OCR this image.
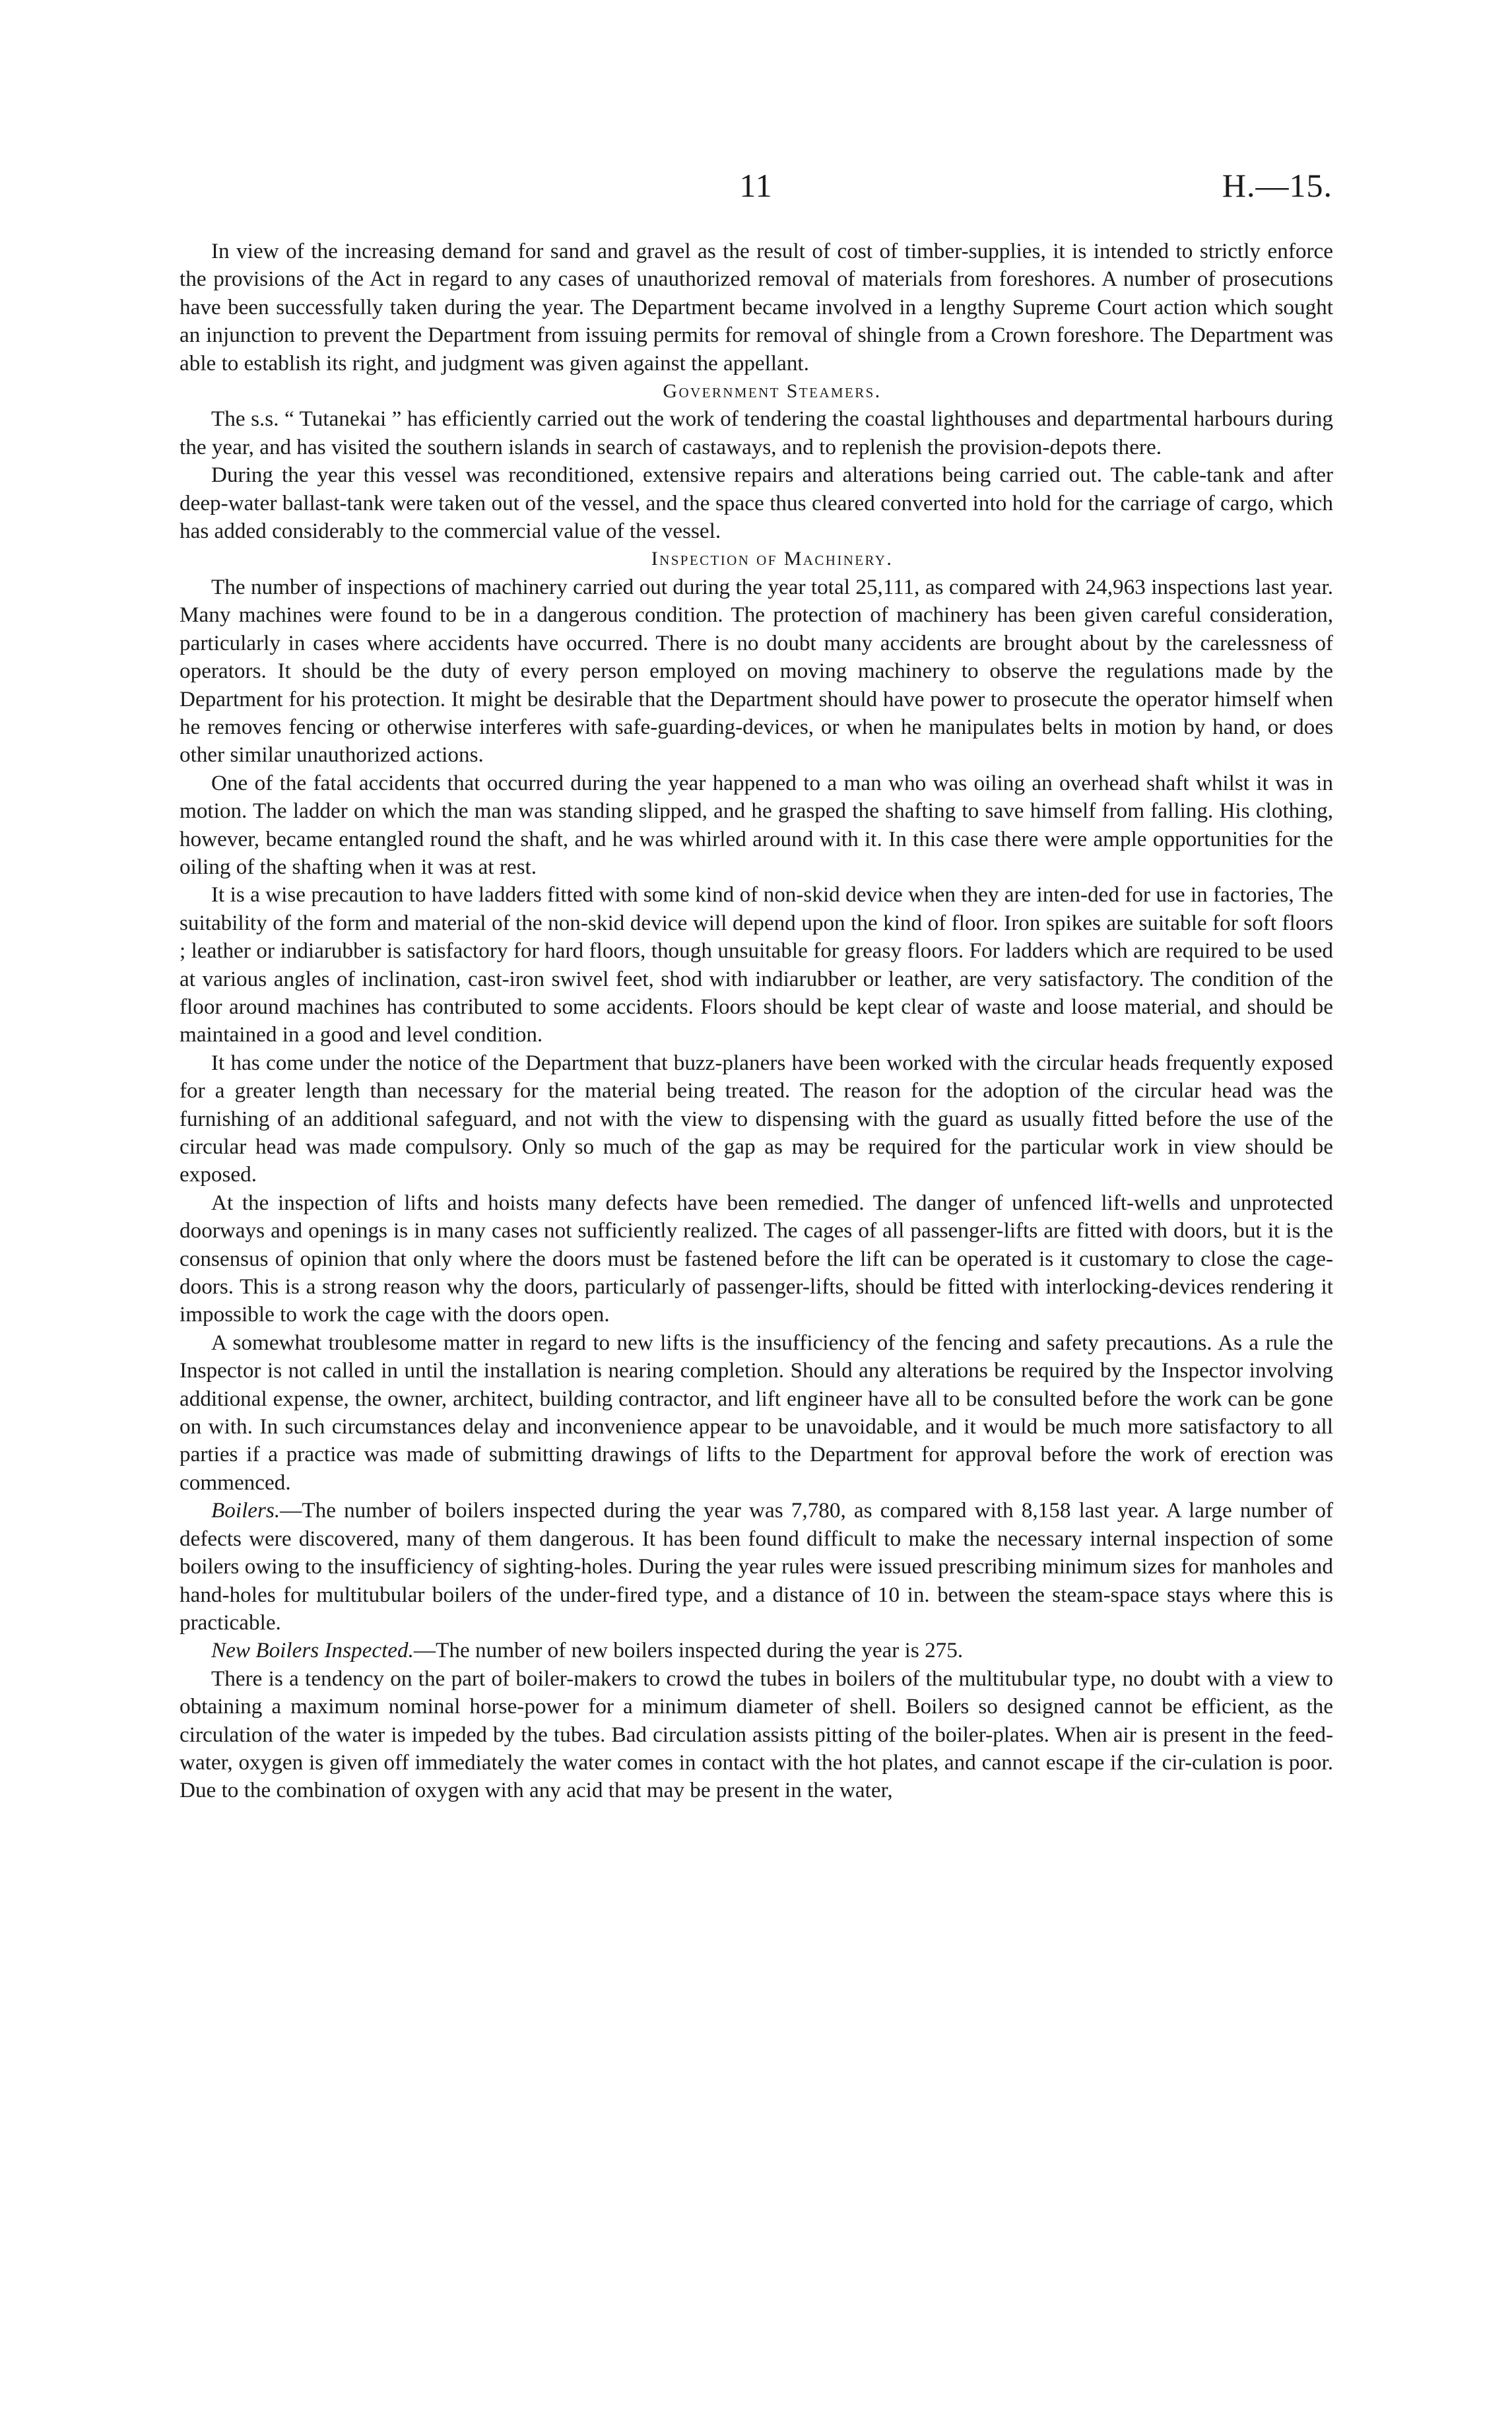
11	H.—15.

In view of the increasing demand for sand and gravel as the result of cost of timber-supplies, it is intended to strictly enforce the provisions of the Act in regard to any cases of unauthorized removal of materials from foreshores. A number of prosecutions have been successfully taken during the year. The Department became involved in a lengthy Supreme Court action which sought an injunction to prevent the Department from issuing permits for removal of shingle from a Crown foreshore. The Department was able to establish its right, and judgment was given against the appellant.

Government Steamers.

The s.s. “ Tutanekai ” has efficiently carried out the work of tendering the coastal lighthouses and departmental harbours during the year, and has visited the southern islands in search of castaways, and to replenish the provision-depots there.

During the year this vessel was reconditioned, extensive repairs and alterations being carried out. The cable-tank and after deep-water ballast-tank were taken out of the vessel, and the space thus cleared converted into hold for the carriage of cargo, which has added considerably to the commercial value of the vessel.

Inspection of Machinery.

The number of inspections of machinery carried out during the year total 25,111, as compared with 24,963 inspections last year. Many machines were found to be in a dangerous condition. The protection of machinery has been given careful consideration, particularly in cases where accidents have occurred. There is no doubt many accidents are brought about by the carelessness of operators. It should be the duty of every person employed on moving machinery to observe the regulations made by the Department for his protection. It might be desirable that the Department should have power to prosecute the operator himself when he removes fencing or otherwise interferes with safe-guarding-devices, or when he manipulates belts in motion by hand, or does other similar unauthorized actions.

One of the fatal accidents that occurred during the year happened to a man who was oiling an overhead shaft whilst it was in motion. The ladder on which the man was standing slipped, and he grasped the shafting to save himself from falling. His clothing, however, became entangled round the shaft, and he was whirled around with it. In this case there were ample opportunities for the oiling of the shafting when it was at rest.

It is a wise precaution to have ladders fitted with some kind of non-skid device when they are inten-ded for use in factories, The suitability of the form and material of the non-skid device will depend upon the kind of floor. Iron spikes are suitable for soft floors ; leather or indiarubber is satisfactory for hard floors, though unsuitable for greasy floors. For ladders which are required to be used at various angles of inclination, cast-iron swivel feet, shod with indiarubber or leather, are very satisfactory. The condition of the floor around machines has contributed to some accidents. Floors should be kept clear of waste and loose material, and should be maintained in a good and level condition.

It has come under the notice of the Department that buzz-planers have been worked with the circular heads frequently exposed for a greater length than necessary for the material being treated. The reason for the adoption of the circular head was the furnishing of an additional safeguard, and not with the view to dispensing with the guard as usually fitted before the use of the circular head was made compulsory. Only so much of the gap as may be required for the particular work in view should be exposed.

At the inspection of lifts and hoists many defects have been remedied. The danger of unfenced lift-wells and unprotected doorways and openings is in many cases not sufficiently realized. The cages of all passenger-lifts are fitted with doors, but it is the consensus of opinion that only where the doors must be fastened before the lift can be operated is it customary to close the cage-doors. This is a strong reason why the doors, particularly of passenger-lifts, should be fitted with interlocking-devices rendering it impossible to work the cage with the doors open.

A somewhat troublesome matter in regard to new lifts is the insufficiency of the fencing and safety precautions. As a rule the Inspector is not called in until the installation is nearing completion. Should any alterations be required by the Inspector involving additional expense, the owner, architect, building contractor, and lift engineer have all to be consulted before the work can be gone on with. In such circumstances delay and inconvenience appear to be unavoidable, and it would be much more satisfactory to all parties if a practice was made of submitting drawings of lifts to the Department for approval before the work of erection was commenced.

Boilers.—The number of boilers inspected during the year was 7,780, as compared with 8,158 last year. A large number of defects were discovered, many of them dangerous. It has been found difficult to make the necessary internal inspection of some boilers owing to the insufficiency of sighting-holes. During the year rules were issued prescribing minimum sizes for manholes and hand-holes for multitubular boilers of the under-fired type, and a distance of 10 in. between the steam-space stays where this is practicable.

New Boilers Inspected.—The number of new boilers inspected during the year is 275.

There is a tendency on the part of boiler-makers to crowd the tubes in boilers of the multitubular type, no doubt with a view to obtaining a maximum nominal horse-power for a minimum diameter of shell. Boilers so designed cannot be efficient, as the circulation of the water is impeded by the tubes. Bad circulation assists pitting of the boiler-plates. When air is present in the feed-water, oxygen is given off immediately the water comes in contact with the hot plates, and cannot escape if the cir-culation is poor. Due to the combination of oxygen with any acid that may be present in the water,
